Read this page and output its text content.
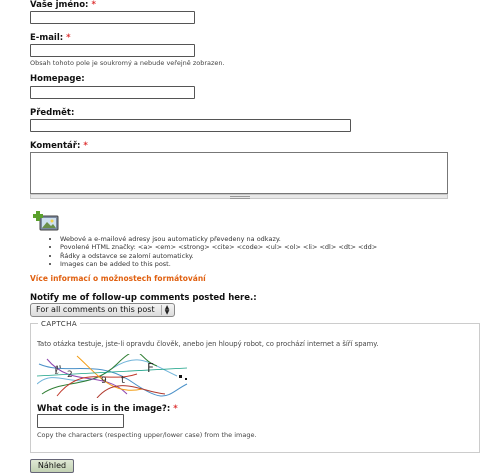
Vaše jméno: *
E-mail: *
Obsah tohoto pole je soukromý a nebude veřejně zobrazen.
Homepage:
Předmět:
Komentář: *
• Webové a e-mailové adresy jsou automaticky převedeny na odkazy.
• Povolené HTML značky: <a> <em> <strong> <cite> <code> <ul> <ol> <li> <dl> <dt> <dd>
• Řádky a odstavce se zalomí automaticky.
• Images can be added to this post.
Více informací o možnostech formátování
Notify me of follow-up comments posted here.:
For all comments on this post	▲
▼
CAPTCHA
Tato otázka testuje, jste-li opravdu člověk, anebo jen hloupý robot, co prochází internet a šíří spamy.
ℓ' 2
9 t
F
What code is in the image?: *
Copy the characters (respecting upper/lower case) from the image.
Náhled
